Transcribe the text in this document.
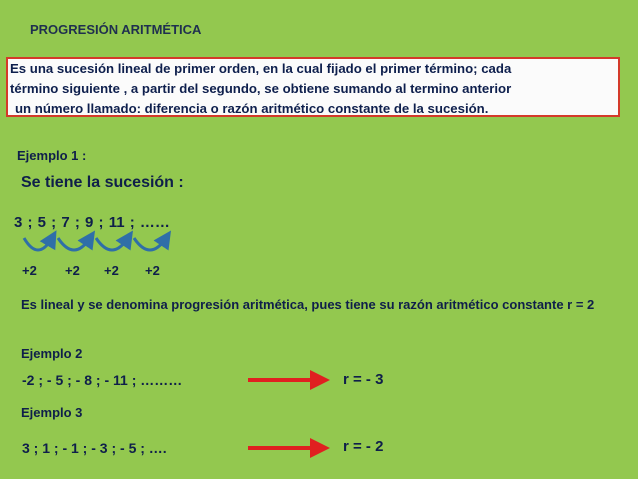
PROGRESIÓN ARITMÉTICA
Es una sucesión lineal de primer orden, en la cual fijado el primer término; cada
término siguiente , a partir del segundo, se obtiene sumando al termino anterior
un número llamado: diferencia o razón aritmético constante de la sucesión.
Ejemplo 1 :
Se tiene la sucesión :
3 ; 5 ; 7 ; 9 ; 11 ; ……
+2 +2 +2 +2
Es lineal y se denomina progresión aritmética, pues tiene su razón aritmético constante r = 2
Ejemplo 2
-2 ; - 5 ; - 8 ; - 11 ; ………	r = - 3
Ejemplo 3
3 ; 1 ; - 1 ; - 3 ; - 5 ; ….	r = - 2
